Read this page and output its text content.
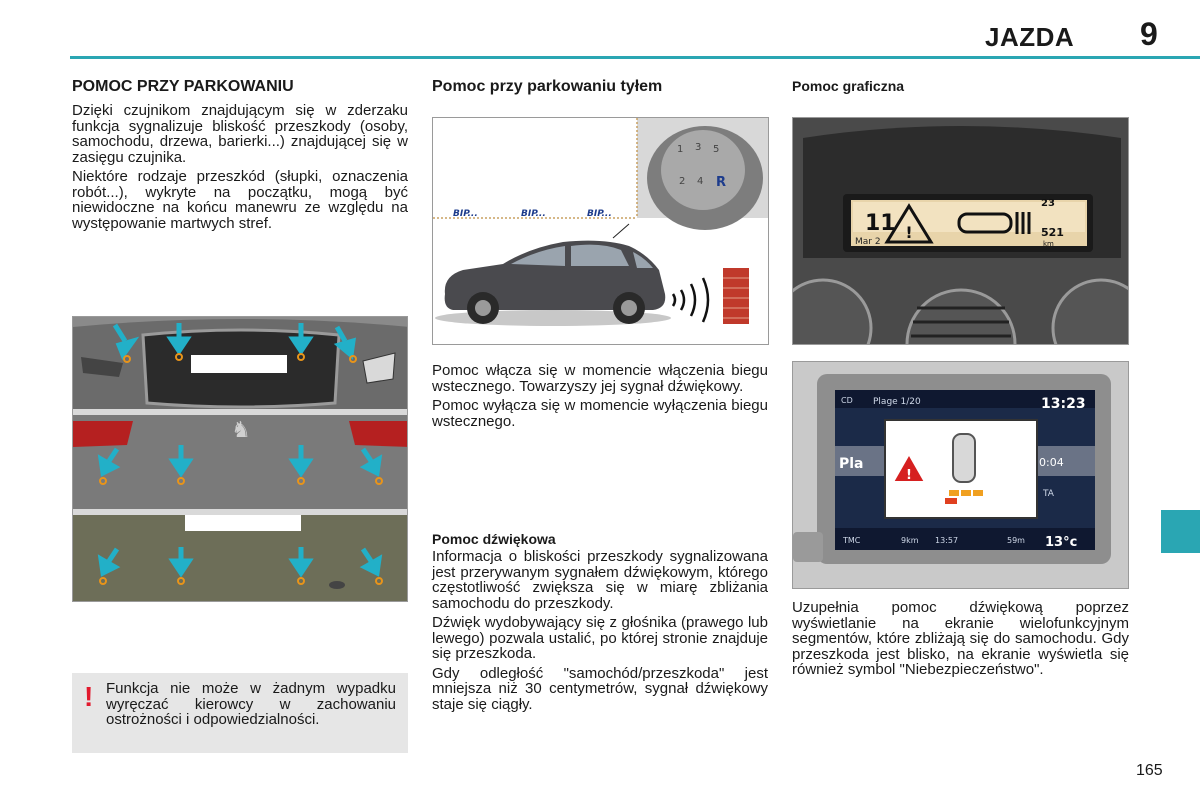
JAZDA 9
POMOC PRZY PARKOWANIU

Dzięki czujnikom znajdującym się w zderzaku funkcja sygnalizuje bliskość przeszkody (osoby, samochodu, drzewa, barierki...) znajdującej się w zasięgu czujnika.

Niektóre rodzaje przeszkód (słupki, oznaczenia robót...), wykryte na początku, mogą być niewidoczne na końcu manewru ze względu na występowanie martwych stref.

♞
! Funkcja nie może w żadnym wypadku wyręczać kierowcy w zachowaniu ostrożności i odpowiedzialności.
Pomoc przy parkowaniu tyłem
1 3 5
2 4 R
BIP...	BIP...	BIP...

Pomoc włącza się w momencie włączenia biegu wstecznego. Towarzyszy jej sygnał dźwiękowy.

Pomoc wyłącza się w momencie wyłączenia biegu wstecznego.

Pomoc dźwiękowa

Informacja o bliskości przeszkody sygnalizowana jest przerywanym sygnałem dźwiękowym, którego częstotliwość zwiększa się w miarę zbliżania samochodu do przeszkody.

Dźwięk wydobywający się z głośnika (prawego lub lewego) pozwala ustalić, po której stronie znajduje się przeszkoda.

Gdy odległość "samochód/przeszkoda" jest mniejsza niż 30 centymetrów, sygnał dźwiękowy staje się ciągły.

Pomoc graficzna
11
Mar 2 !
23
521
km
CD Plage 1/20	13:23
Pla	0:04
TA
!
TMC	9km 13:57	59m 13°c

Uzupełnia pomoc dźwiękową poprzez wyświetlanie na ekranie wielofunkcyjnym segmentów, które zbliżają się do samochodu. Gdy przeszkoda jest blisko, na ekranie wyświetla się również symbol "Niebezpieczeństwo".

165
